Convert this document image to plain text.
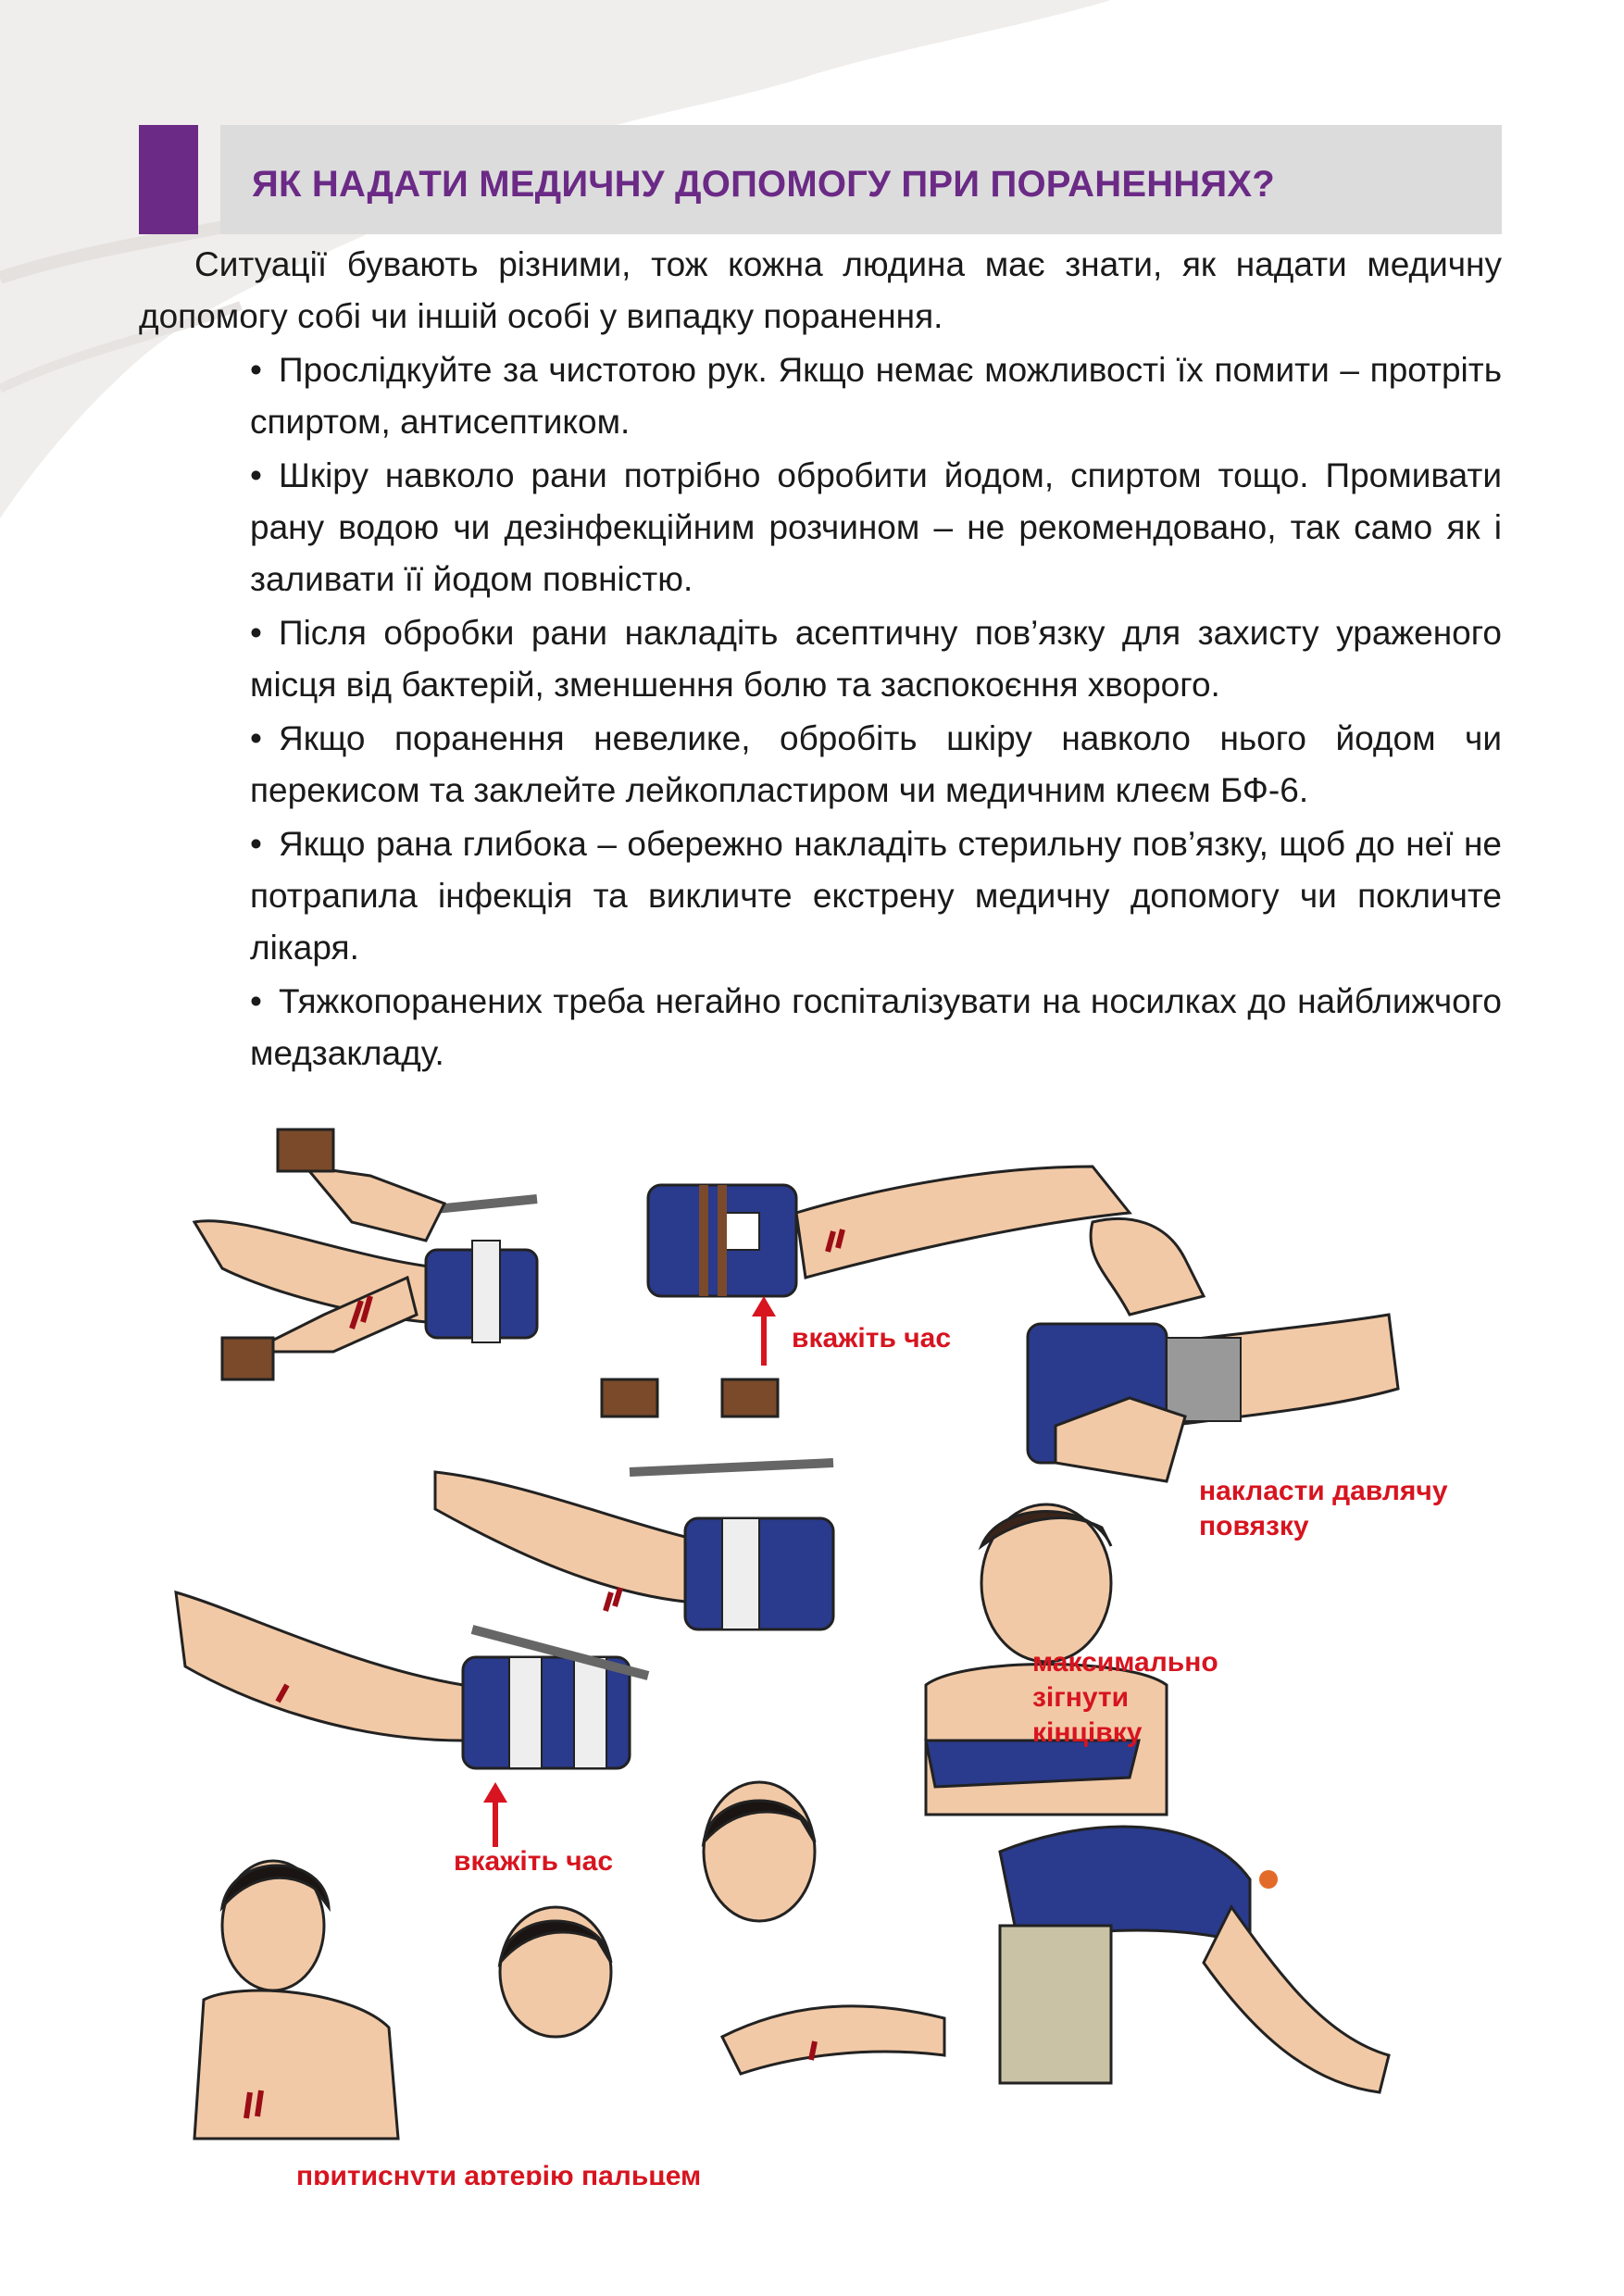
ЯК НАДАТИ МЕДИЧНУ ДОПОМОГУ ПРИ ПОРАНЕННЯХ?

Ситуації бувають різними, тож кожна людина має знати, як надати медичну допомогу собі чи іншій особі у випадку поранення.

• Прослідкуйте за чистотою рук. Якщо немає можливості їх помити – протріть спиртом, антисептиком.
• Шкіру навколо рани потрібно обробити йодом, спиртом тощо. Промивати рану водою чи дезінфекційним розчином – не рекомендовано, так само як і заливати її йодом повністю.
• Після обробки рани накладіть асептичну пов’язку для захисту ураженого місця від бактерій, зменшення болю та заспокоєння хворого.
• Якщо поранення невелике, обробіть шкіру навколо нього йодом чи перекисом та заклейте лейкопластиром чи медичним клеєм БФ-6.
• Якщо рана глибока – обережно накладіть стерильну пов’язку, щоб до неї не потрапила інфекція та викличте екстрену медичну допомогу чи покличте лікаря.
• Тяжкопоранених треба негайно госпіталізувати на носилках до найближчого медзакладу.
вкажіть час
накласти давлячу
повязку
вкажіть час
максимально
зігнути
кінцівку
притиснути артерію пальцем
